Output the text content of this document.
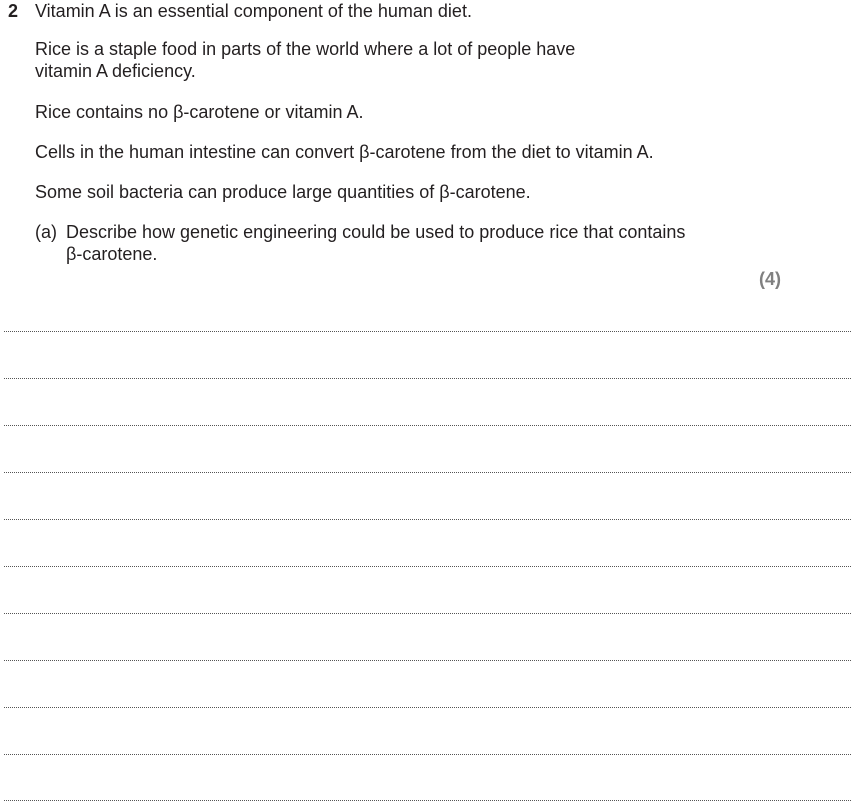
2 Vitamin A is an essential component of the human diet.
Rice is a staple food in parts of the world where a lot of people have
vitamin A deficiency.
Rice contains no β-carotene or vitamin A.
Cells in the human intestine can convert β-carotene from the diet to vitamin A.
Some soil bacteria can produce large quantities of β-carotene.
(a) Describe how genetic engineering could be used to produce rice that contains
β-carotene.
(4)
